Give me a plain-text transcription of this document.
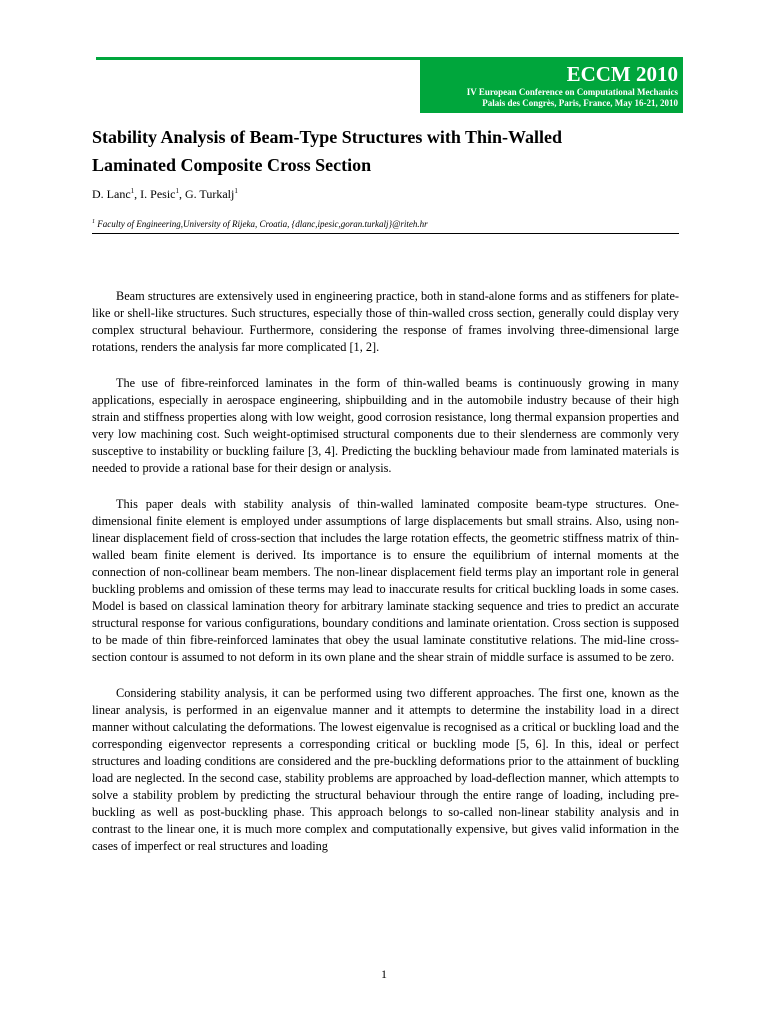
ECCM 2010
IV European Conference on Computational Mechanics
Palais des Congrès, Paris, France, May 16-21, 2010
Stability Analysis of Beam-Type Structures with Thin-Walled
Laminated Composite Cross Section
D. Lanc$^1$, I. Pesic$^1$, G. Turkalj$^1$
$^1$ Faculty of Engineering,University of Rijeka, Croatia, {dlanc,ipesic,goran.turkalj}@riteh.hr

Beam structures are extensively used in engineering practice, both in stand-alone forms and as stiffeners for plate-like or shell-like structures. Such structures, especially those of thin-walled cross section, generally could display very complex structural behaviour. Furthermore, considering the response of frames involving three-dimensional large rotations, renders the analysis far more complicated [1, 2].

The use of fibre-reinforced laminates in the form of thin-walled beams is continuously growing in many applications, especially in aerospace engineering, shipbuilding and in the automobile industry because of their high strain and stiffness properties along with low weight, good corrosion resistance, long thermal expansion properties and very low machining cost. Such weight-optimised structural components due to their slenderness are commonly very susceptive to instability or buckling failure [3, 4]. Predicting the buckling behaviour made from laminated materials is needed to provide a rational base for their design or analysis.

This paper deals with stability analysis of thin-walled laminated composite beam-type structures. One-dimensional finite element is employed under assumptions of large displacements but small strains. Also, using non-linear displacement field of cross-section that includes the large rotation effects, the geometric stiffness matrix of thin-walled beam finite element is derived. Its importance is to ensure the equilibrium of internal moments at the connection of non-collinear beam members. The non-linear displacement field terms play an important role in general buckling problems and omission of these terms may lead to inaccurate results for critical buckling loads in some cases. Model is based on classical lamination theory for arbitrary laminate stacking sequence and tries to predict an accurate structural response for various configurations, boundary conditions and laminate orientation. Cross section is supposed to be made of thin fibre-reinforced laminates that obey the usual laminate constitutive relations. The mid-line cross-section contour is assumed to not deform in its own plane and the shear strain of middle surface is assumed to be zero.

Considering stability analysis, it can be performed using two different approaches. The first one, known as the linear analysis, is performed in an eigenvalue manner and it attempts to determine the instability load in a direct manner without calculating the deformations. The lowest eigenvalue is recognised as a critical or buckling load and the corresponding eigenvector represents a corresponding critical or buckling mode [5, 6]. In this, ideal or perfect structures and loading conditions are considered and the pre-buckling deformations prior to the attainment of buckling load are neglected. In the second case, stability problems are approached by load-deflection manner, which attempts to solve a stability problem by predicting the structural behaviour through the entire range of loading, including pre-buckling as well as post-buckling phase. This approach belongs to so-called non-linear stability analysis and in contrast to the linear one, it is much more complex and computationally expensive, but gives valid information in the cases of imperfect or real structures and loading

1
